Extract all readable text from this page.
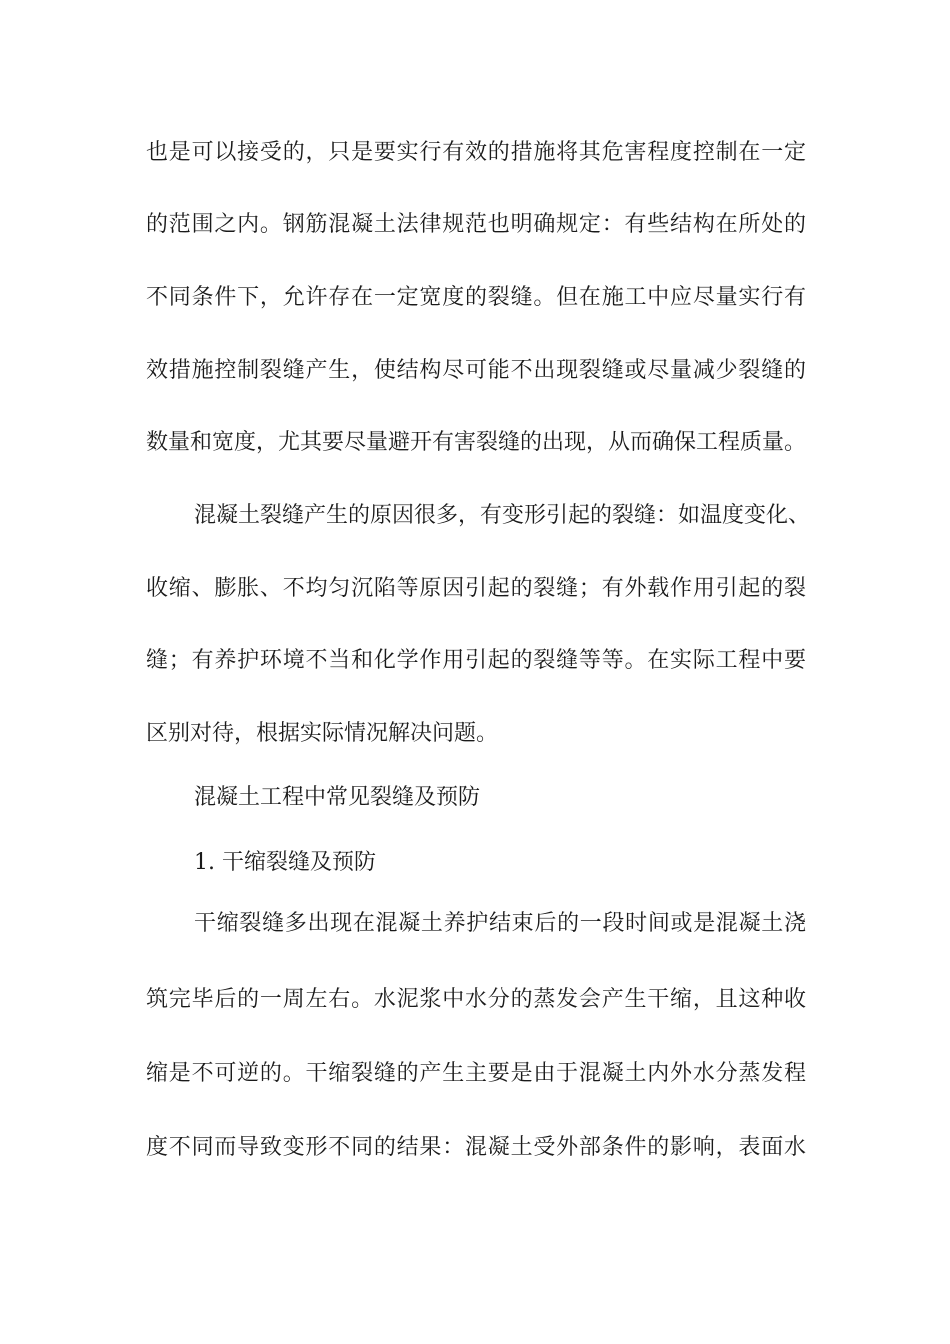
也是可以接受的，只是要实行有效的措施将其危害程度控制在一定
的范围之内。钢筋混凝土法律规范也明确规定：有些结构在所处的
不同条件下，允许存在一定宽度的裂缝。但在施工中应尽量实行有
效措施控制裂缝产生，使结构尽可能不出现裂缝或尽量减少裂缝的
数量和宽度，尤其要尽量避开有害裂缝的出现，从而确保工程质量。
混凝土裂缝产生的原因很多，有变形引起的裂缝：如温度变化、
收缩、膨胀、不均匀沉陷等原因引起的裂缝；有外载作用引起的裂
缝；有养护环境不当和化学作用引起的裂缝等等。在实际工程中要
区别对待，根据实际情况解决问题。
混凝土工程中常见裂缝及预防
1. 干缩裂缝及预防
干缩裂缝多出现在混凝土养护结束后的一段时间或是混凝土浇
筑完毕后的一周左右。水泥浆中水分的蒸发会产生干缩，且这种收
缩是不可逆的。干缩裂缝的产生主要是由于混凝土内外水分蒸发程
度不同而导致变形不同的结果：混凝土受外部条件的影响，表面水
